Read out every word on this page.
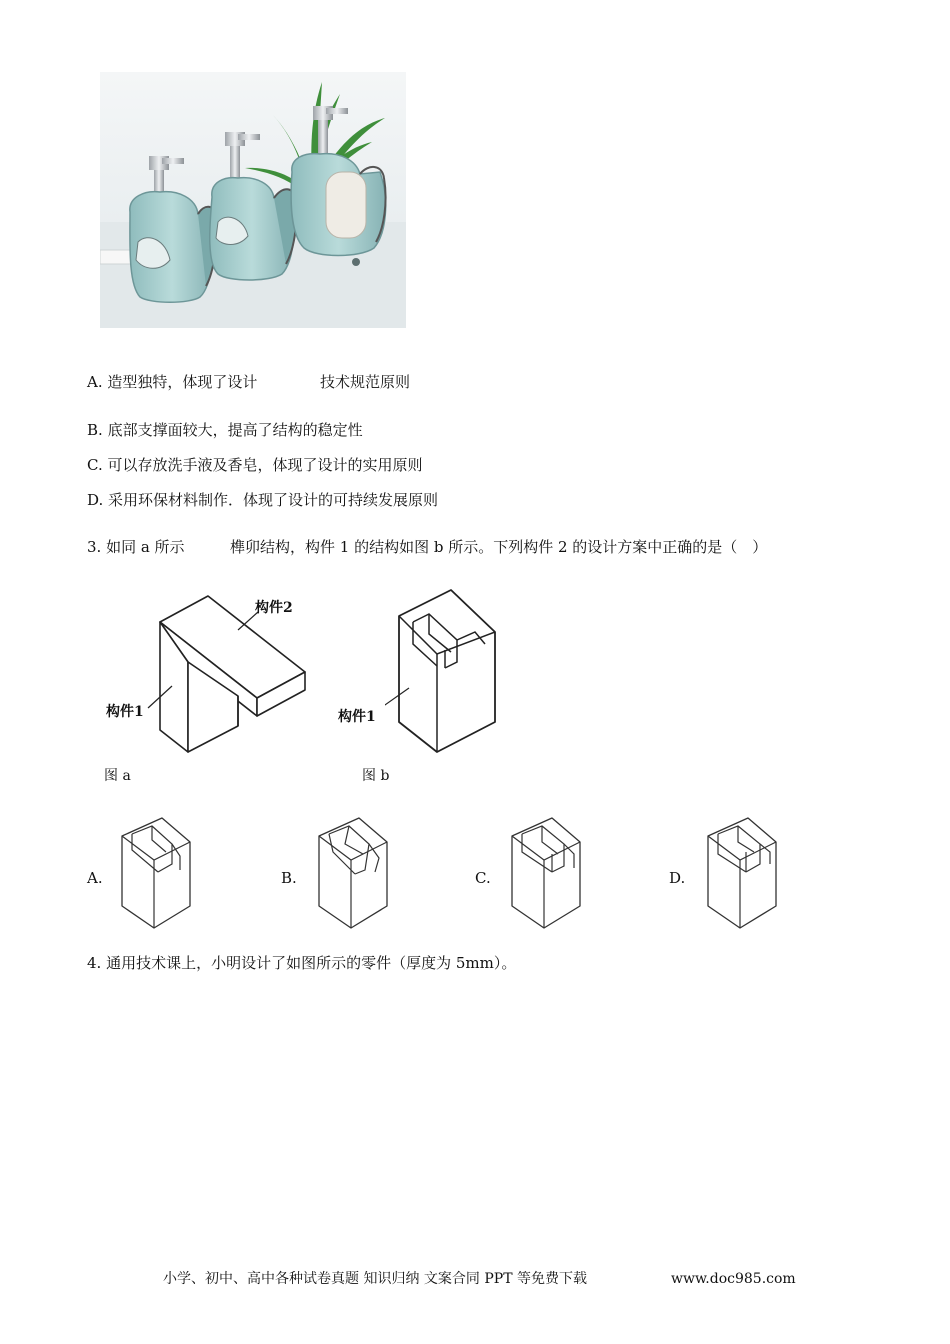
A. 造型独特，体现了设计	技术规范原则
B. 底部支撑面较大，提高了结构的稳定性
C. 可以存放洗手液及香皂，体现了设计的实用原则
D. 采用环保材料制作．体现了设计的可持续发展原则
3. 如同 a 所示	榫卯结构，构件 1 的结构如图 b 所示。下列构件 2 的设计方案中正确的是（　）
构件2
构件1
图 a
构件1
图 b
A.	B.	C.	D.
4. 通用技术课上，小明设计了如图所示的零件（厚度为 5mm）。
小学、初中、高中各种试卷真题 知识归纳 文案合同 PPT 等免费下载	www.doc985.com
